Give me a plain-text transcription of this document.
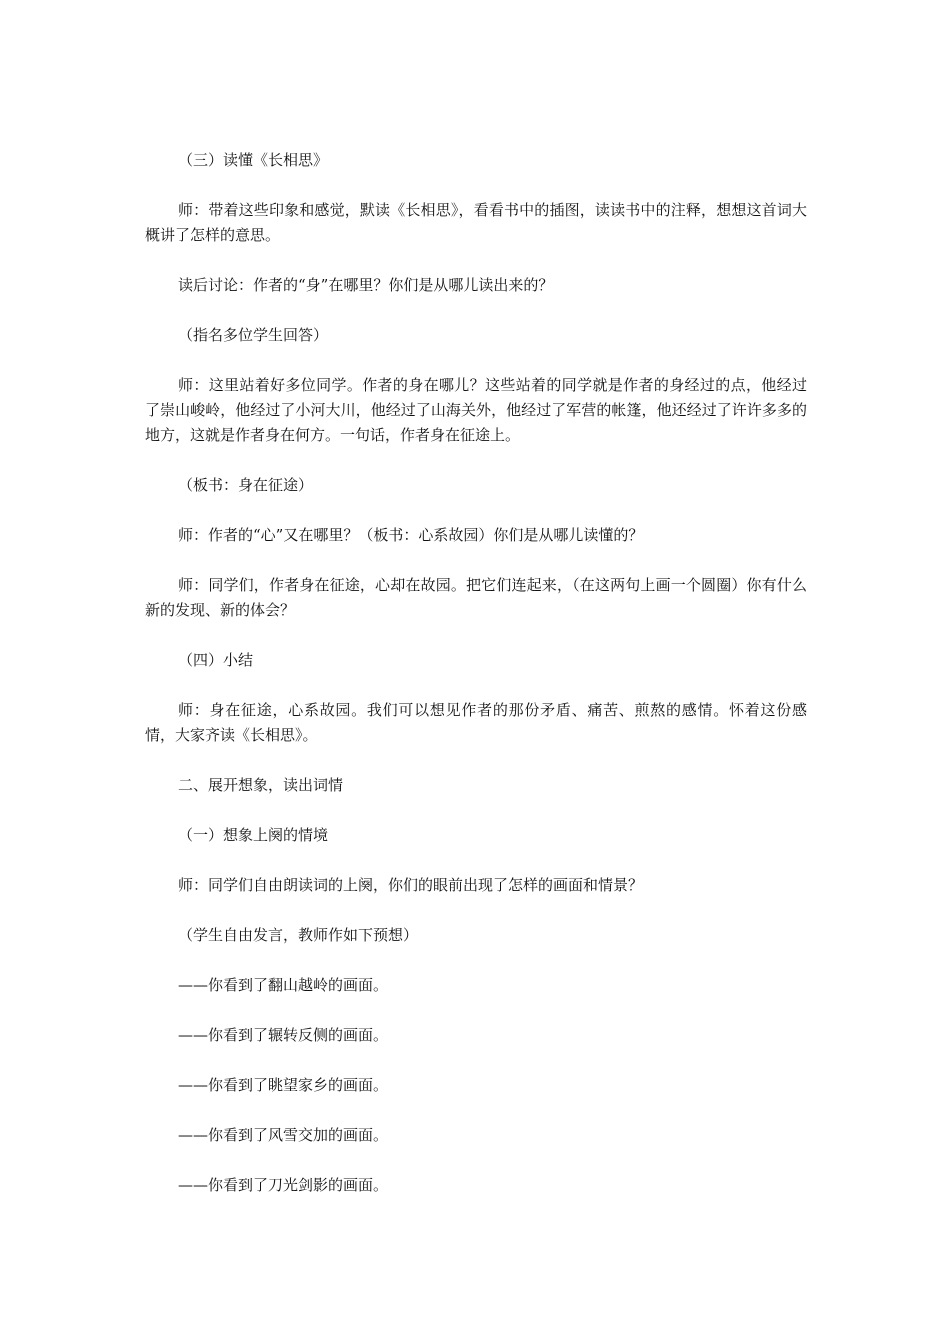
（三）读懂《长相思》

师：带着这些印象和感觉，默读《长相思》，看看书中的插图，读读书中的注释，想想这首词大概讲了怎样的意思。

读后讨论：作者的“身”在哪里？你们是从哪儿读出来的？

（指名多位学生回答）

师：这里站着好多位同学。作者的身在哪儿？这些站着的同学就是作者的身经过的点，他经过了崇山峻岭，他经过了小河大川，他经过了山海关外，他经过了军营的帐篷，他还经过了许许多多的地方，这就是作者身在何方。一句话，作者身在征途上。

（板书：身在征途）

师：作者的“心”又在哪里？（板书：心系故园）你们是从哪儿读懂的？

师：同学们，作者身在征途，心却在故园。把它们连起来，（在这两句上画一个圆圈）你有什么新的发现、新的体会？

（四）小结

师：身在征途，心系故园。我们可以想见作者的那份矛盾、痛苦、煎熬的感情。怀着这份感情，大家齐读《长相思》。

二、展开想象，读出词情

（一）想象上阕的情境

师：同学们自由朗读词的上阕，你们的眼前出现了怎样的画面和情景？

（学生自由发言，教师作如下预想）

——你看到了翻山越岭的画面。

——你看到了辗转反侧的画面。

——你看到了眺望家乡的画面。

——你看到了风雪交加的画面。

——你看到了刀光剑影的画面。
